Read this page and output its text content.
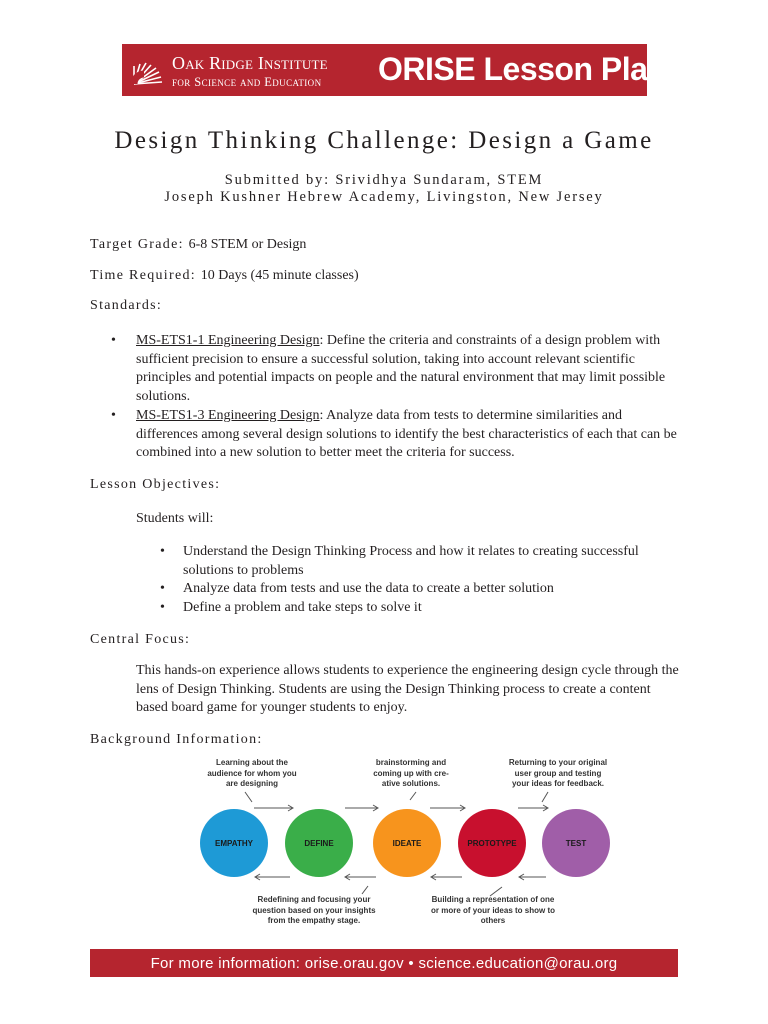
Oak Ridge Institute
for Science and Education ORISE Lesson Plan
Design Thinking Challenge: Design a Game
Submitted by: Srividhya Sundaram, STEM
Joseph Kushner Hebrew Academy, Livingston, New Jersey
Target Grade: 6-8 STEM or Design
Time Required: 10 Days (45 minute classes)
Standards:
• MS-ETS1-1 Engineering Design: Define the criteria and constraints of a design problem with sufficient precision to ensure a successful solution, taking into account relevant scientific principles and potential impacts on people and the natural environment that may limit possible solutions.
• MS-ETS1-3 Engineering Design: Analyze data from tests to determine similarities and differences among several design solutions to identify the best characteristics of each that can be combined into a new solution to better meet the criteria for success.
Lesson Objectives:
Students will:
• Understand the Design Thinking Process and how it relates to creating successful solutions to problems
• Analyze data from tests and use the data to create a better solution
• Define a problem and take steps to solve it
Central Focus:
This hands-on experience allows students to experience the engineering design cycle through the lens of Design Thinking. Students are using the Design Thinking process to create a content based board game for younger students to enjoy.
Background Information:
EMPATHY	DEFINE	IDEATE	PROTOTYPE	TEST
Learning about the audience for whom you are designing
brainstorming and coming up with cre-ative solutions.
Returning to your original user group and testing your ideas for feedback.
Redefining and focusing your question based on your insights from the empathy stage.
Building a representation of one or more of your ideas to show to others
For more information: orise.orau.gov • science.education@orau.org
